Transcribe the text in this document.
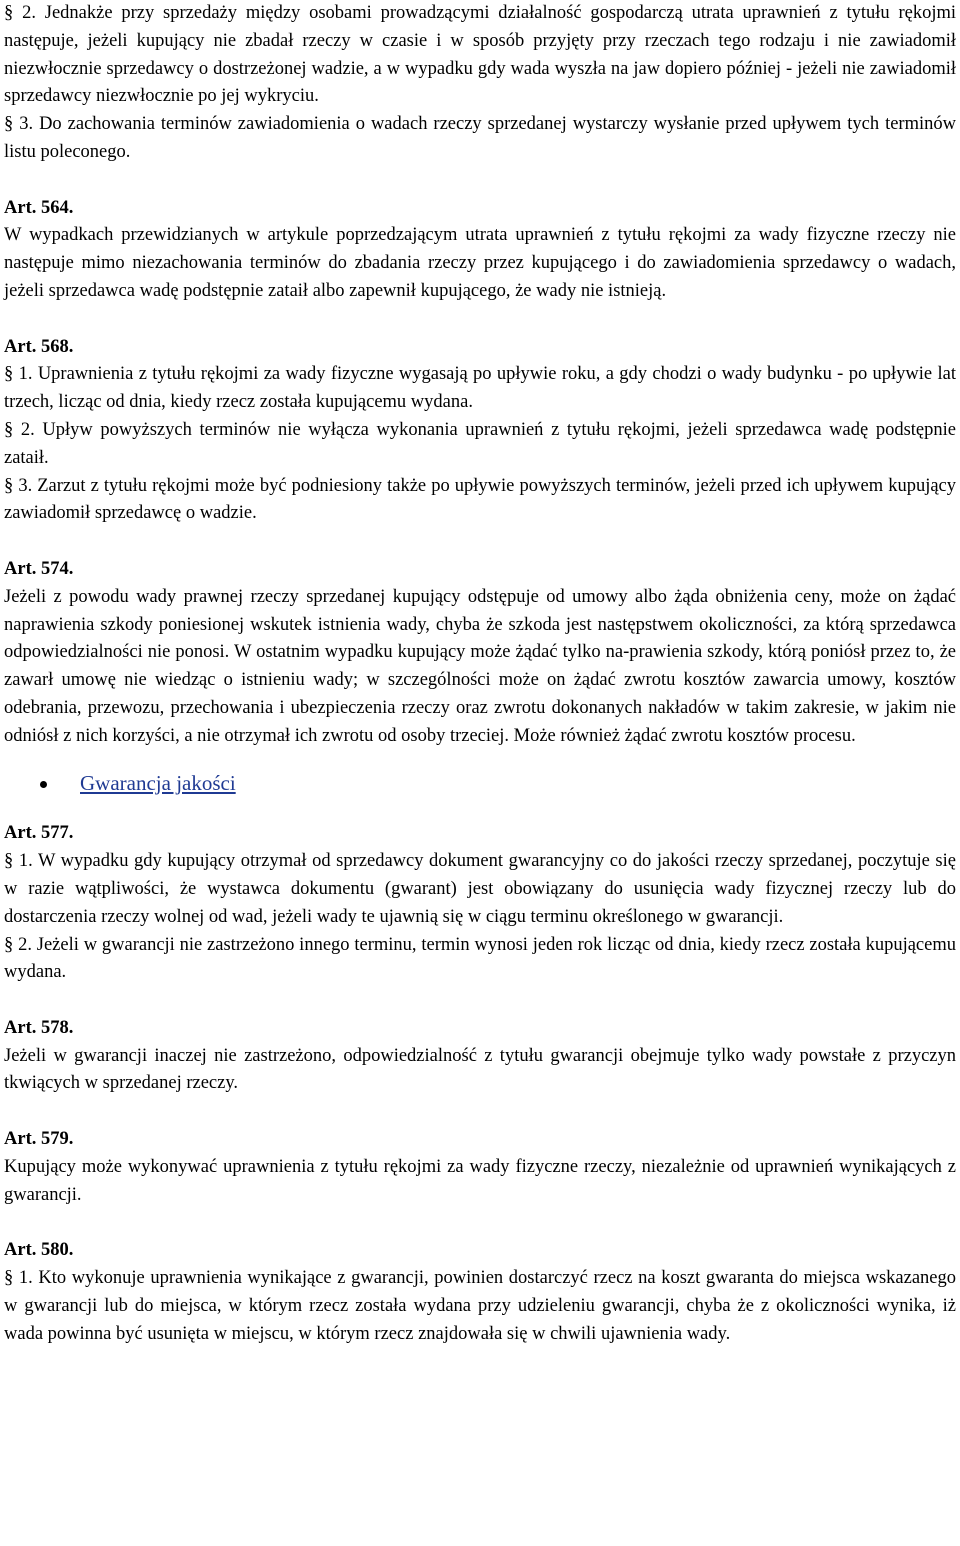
§ 2. Jednakże przy sprzedaży między osobami prowadzącymi działalność gospodarczą utrata uprawnień z tytułu rękojmi następuje, jeżeli kupujący nie zbadał rzeczy w czasie i w sposób przyjęty przy rzeczach tego rodzaju i nie zawiadomił niezwłocznie sprzedawcy o dostrzeżonej wadzie, a w wypadku gdy wada wyszła na jaw dopiero później - jeżeli nie zawiadomił sprzedawcy niezwłocznie po jej wykryciu.

§ 3. Do zachowania terminów zawiadomienia o wadach rzeczy sprzedanej wystarczy wysłanie przed upływem tych terminów listu poleconego.

Art. 564.

W wypadkach przewidzianych w artykule poprzedzającym utrata uprawnień z tytułu rękojmi za wady fizyczne rzeczy nie następuje mimo niezachowania terminów do zbadania rzeczy przez kupującego i do zawiadomienia sprzedawcy o wadach, jeżeli sprzedawca wadę podstępnie zataił albo zapewnił kupującego, że wady nie istnieją.

Art. 568.

§ 1. Uprawnienia z tytułu rękojmi za wady fizyczne wygasają po upływie roku, a gdy chodzi o wady budynku - po upływie lat trzech, licząc od dnia, kiedy rzecz została kupującemu wydana.

§ 2. Upływ powyższych terminów nie wyłącza wykonania uprawnień z tytułu rękojmi, jeżeli sprzedawca wadę podstępnie zataił.

§ 3. Zarzut z tytułu rękojmi może być podniesiony także po upływie powyższych terminów, jeżeli przed ich upływem kupujący zawiadomił sprzedawcę o wadzie.

Art. 574.

Jeżeli z powodu wady prawnej rzeczy sprzedanej kupujący odstępuje od umowy albo żąda obniżenia ceny, może on żądać naprawienia szkody poniesionej wskutek istnienia wady, chyba że szkoda jest następstwem okoliczności, za którą sprzedawca odpowiedzialności nie ponosi. W ostatnim wypadku kupujący może żądać tylko na-prawienia szkody, którą poniósł przez to, że zawarł umowę nie wiedząc o istnieniu wady; w szczególności może on żądać zwrotu kosztów zawarcia umowy, kosztów odebrania, przewozu, przechowania i ubezpieczenia rzeczy oraz zwrotu dokonanych nakładów w takim zakresie, w jakim nie odniósł z nich korzyści, a nie otrzymał ich zwrotu od osoby trzeciej. Może również żądać zwrotu kosztów procesu.

Gwarancja jakości

Art. 577.

§ 1. W wypadku gdy kupujący otrzymał od sprzedawcy dokument gwarancyjny co do jakości rzeczy sprzedanej, poczytuje się w razie wątpliwości, że wystawca dokumentu (gwarant) jest obowiązany do usunięcia wady fizycznej rzeczy lub do dostarczenia rzeczy wolnej od wad, jeżeli wady te ujawnią się w ciągu terminu określonego w gwarancji.

§ 2. Jeżeli w gwarancji nie zastrzeżono innego terminu, termin wynosi jeden rok licząc od dnia, kiedy rzecz została kupującemu wydana.

Art. 578.

Jeżeli w gwarancji inaczej nie zastrzeżono, odpowiedzialność z tytułu gwarancji obejmuje tylko wady powstałe z przyczyn tkwiących w sprzedanej rzeczy.

Art. 579.

Kupujący może wykonywać uprawnienia z tytułu rękojmi za wady fizyczne rzeczy, niezależnie od uprawnień wynikających z gwarancji.

Art. 580.

§ 1. Kto wykonuje uprawnienia wynikające z gwarancji, powinien dostarczyć rzecz na koszt gwaranta do miejsca wskazanego w gwarancji lub do miejsca, w którym rzecz została wydana przy udzieleniu gwarancji, chyba że z okoliczności wynika, iż wada powinna być usunięta w miejscu, w którym rzecz znajdowała się w chwili ujawnienia wady.
